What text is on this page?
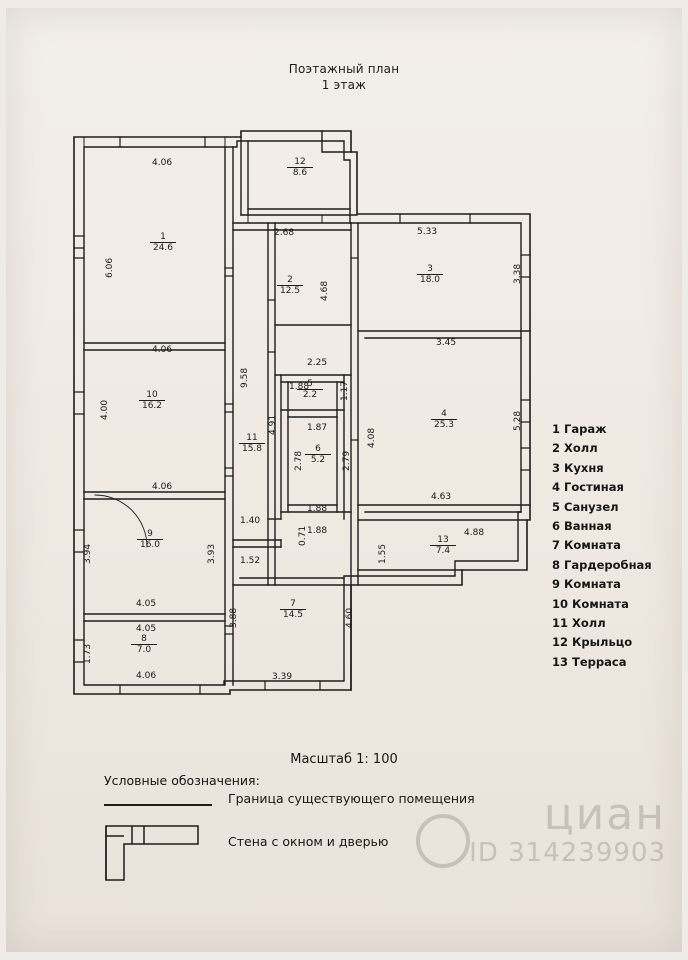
Поэтажный план
1 этаж
1
24.6
2
12.5
3
18.0
4
25.3
5
2.2
6
5.2
7
14.5
8
7.0
9
16.0
10
16.2
11
15.8
12
8.6
13
7.4
4.06
2.68	5.33
3.45
4.06
2.25
1.88
1.87
4.06
4.63
4.88
1.88
1.88
1.40
1.52
4.05
4.05
4.06	3.39
6.06
4.00
3.94
1.73
9.58
3.93
3.88
4.68
4.91
2.78	2.79
1.17
0.71
4.08
4.60
1.55
3.38
5.28	1 Гараж
2 Холл
3 Кухня
4 Гостиная
5 Санузел
6 Ванная
7 Комната
8 Гардеробная
9 Комната
10 Комната
11 Холл
12 Крыльцо
13 Терраса
Масштаб 1: 100
Условные обозначения:
Граница существующего помещения
Стена с окном и дверью
циан
ID 314239903
